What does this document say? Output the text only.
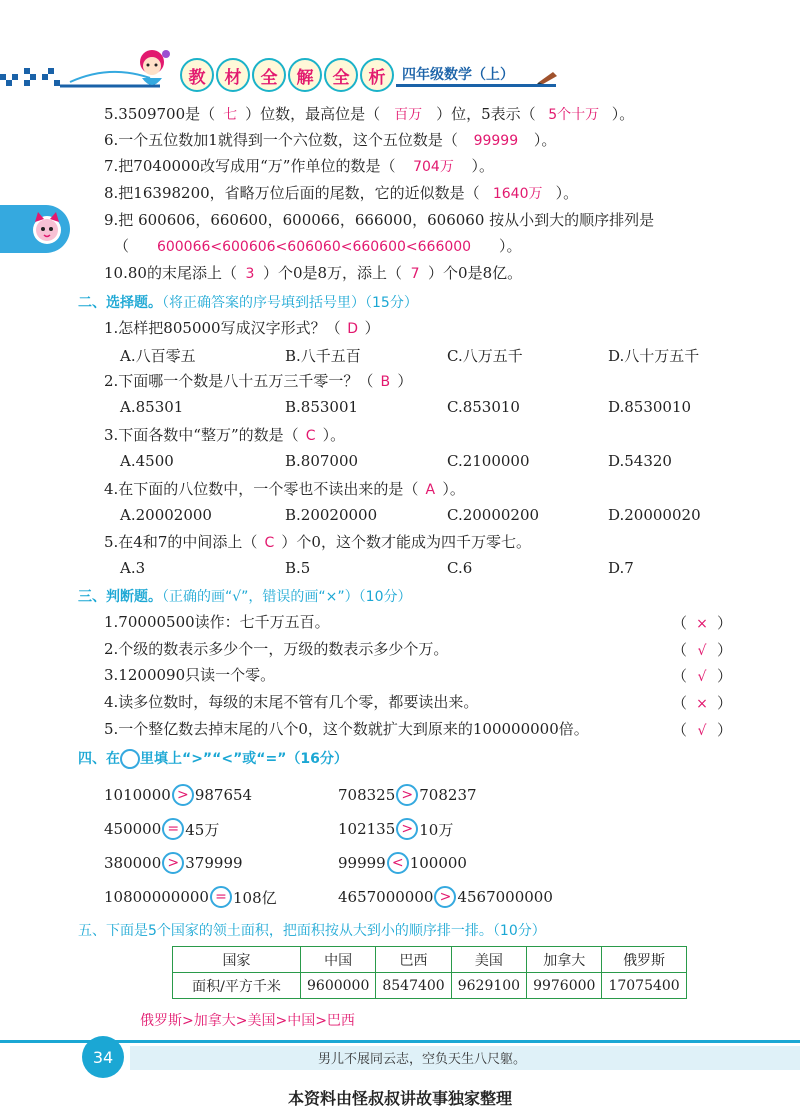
教	材	全	解	全	析	四年级数学（上）
5.3509700是（ 七 ）位数，最高位是（ 百万 ）位，5表示（ 5个十万 ）。
6.一个五位数加1就得到一个六位数，这个五位数是（ 99999 ）。
7.把7040000改写成用“万”作单位的数是（ 704万 ）。
8.把16398200，省略万位后面的尾数，它的近似数是（ 1640万 ）。
9.把 600606，660600，600066，666000，606060 按从小到大的顺序排列是
（ 600066<600606<606060<660600<666000 ）。
10.80的末尾添上（ 3 ）个0是8万，添上（ 7 ）个0是8亿。
二、选择题。（将正确答案的序号填到括号里）（15分）
1.怎样把805000写成汉字形式？（ D ）
A.八百零五	B.八千五百	C.八万五千	D.八十万五千
2.下面哪一个数是八十五万三千零一？（ B ）
A.85301	B.853001	C.853010	D.8530010
3.下面各数中“整万”的数是（ C ）。
A.4500	B.807000	C.2100000	D.54320
4.在下面的八位数中，一个零也不读出来的是（ A ）。
A.20002000	B.20020000	C.20000200	D.20000020
5.在4和7的中间添上（ C ）个0，这个数才能成为四千万零七。
A.3	B.5	C.6	D.7
三、判断题。（正确的画“√”，错误的画“×”）（10分）
1.70000500读作：七千万五百。	（ × ）
2.个级的数表示多少个一，万级的数表示多少个万。	（ √ ）
3.1200090只读一个零。	（ √ ）
4.读多位数时，每级的末尾不管有几个零，都要读出来。	（ × ）
5.一个整亿数去掉末尾的八个0，这个数就扩大到原来的100000000倍。	（ √ ）
四、在 里填上“>”“<”或“=”（16分）
1010000 > 987654	708325 > 708237
450000 = 45万	102135 > 10万
380000 > 379999	99999 < 100000
10800000000 = 108亿	4657000000 > 4567000000
五、下面是5个国家的领土面积，把面积按从大到小的顺序排一排。（10分）
国家	中国	巴西	美国	加拿大	俄罗斯
面积/平方千米	9600000	8547400	9629100	9976000	17075400
俄罗斯>加拿大>美国>中国>巴西
34	男儿不展同云志，空负天生八尺躯。
本资料由怪叔叔讲故事独家整理
